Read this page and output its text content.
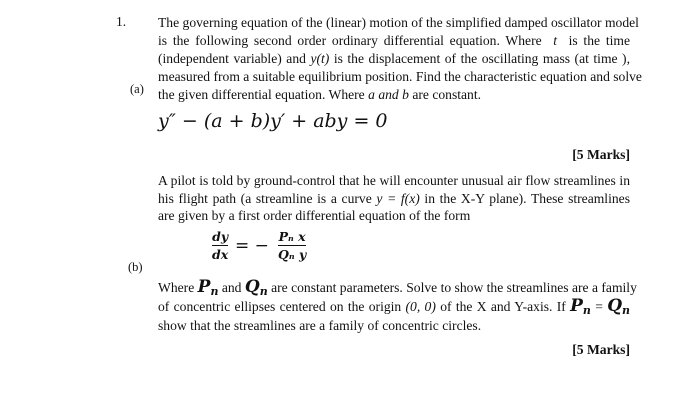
1. The governing equation of the (linear) motion of the simplified damped oscillator model
is the following second order ordinary differential equation. Where t is the time
(independent variable) and y(t) is the displacement of the oscillating mass (at time ),
measured from a suitable equilibrium position. Find the characteristic equation and solve
(a) the given differential equation. Where a and b are constant.
y″ − (a + b)y′ + aby = 0
[5 Marks]
A pilot is told by ground-control that he will encounter unusual air flow streamlines in
his flight path (a streamline is a curve y = f(x) in the X-Y plane). These streamlines
are given by a first order differential equation of the form
dy
dx = − Pₙ x
Qₙ y
(b)
Where $P_n$ and $Q_n$ are constant parameters. Solve to show the streamlines are a family
of concentric ellipses centered on the origin (0, 0) of the X and Y-axis. If $P_n = Q_n$
show that the streamlines are a family of concentric circles.
[5 Marks]
